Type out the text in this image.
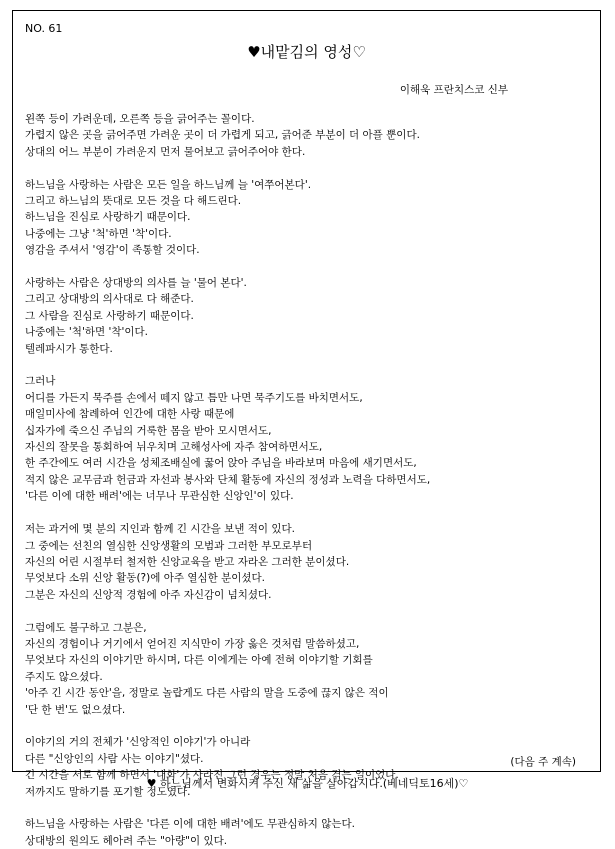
NO. 61
♥내맡김의 영성♡
이해욱 프란치스코 신부
왼쪽 등이 가려운데, 오른쪽 등을 긁어주는 꼴이다.
가렵지 않은 곳을 긁어주면 가려운 곳이 더 가렵게 되고, 긁어준 부분이 더 아플 뿐이다.
상대의 어느 부분이 가려운지 먼저 물어보고 긁어주어야 한다.
하느님을 사랑하는 사람은 모든 일을 하느님께 늘 '여쭈어본다'.
그리고 하느님의 뜻대로 모든 것을 다 해드린다.
하느님을 진심로 사랑하기 때문이다.
나중에는 그냥 '척'하면 '착'이다.
영감을 주셔서 '영감'이 족통할 것이다.
사랑하는 사람은 상대방의 의사를 늘 '물어 본다'.
그리고 상대방의 의사대로 다 해준다.
그 사람을 진심로 사랑하기 때문이다.
나중에는 '척'하면 '착'이다.
텔레파시가 통한다.
그러나
어디를 가든지 묵주를 손에서 떼지 않고 틈만 나면 묵주기도를 바치면서도,
매일미사에 참례하여 인간에 대한 사랑 때문에
십자가에 죽으신 주님의 거룩한 몸을 받아 모시면서도,
자신의 잘못을 통회하여 뉘우치며 고해성사에 자주 참여하면서도,
한 주간에도 여러 시간을 성체조배실에 꿇어 앉아 주님을 바라보며 마음에 새기면서도,
적지 않은 교무금과 헌금과 자선과 봉사와 단체 활동에 자신의 정성과 노력을 다하면서도,
'다른 이에 대한 배려'에는 너무나 무관심한 신앙인'이 있다.
저는 과거에 몇 분의 지인과 함께 긴 시간을 보낸 적이 있다.
그 중에는 선친의 열심한 신앙생활의 모범과 그러한 부모로부터
자신의 어린 시절부터 철저한 신앙교육을 받고 자라온 그러한 분이셨다.
무엇보다 소위 신앙 활동(?)에 아주 열심한 분이셨다.
그분은 자신의 신앙적 경험에 아주 자신감이 넘치셨다.
그럼에도 불구하고 그분은,
자신의 경험이나 거기에서 얻어진 지식만이 가장 옳은 것처럼 말씀하셨고,
무엇보다 자신의 이야기만 하시며, 다른 이에게는 아예 전혀 이야기할 기회를
주지도 않으셨다.
'아주 긴 시간 동안'을, 정말로 놀랍게도 다른 사람의 말을 도중에 끊지 않은 적이
'단 한 번'도 없으셨다.
이야기의 거의 전체가 '신앙적인 이야기'가 아니라
다른 "신앙인의 사람 사는 이야기"셨다.
긴 시간을 서로 함께 하면서 '대화'가 사라진 그런 경우는 정말 처음 겪는 일이었다.
저까지도 말하기를 포기할 정도였다.
하느님을 사랑하는 사람은 '다른 이에 대한 배려'에도 무관심하지 않는다.
상대방의 원의도 헤아려 주는 "아량"이 있다.
(다음 주 계속)
♥ 하느님께서 변화시켜 주신 새 삶을 살아갑시다.(베네딕토16세)♡
